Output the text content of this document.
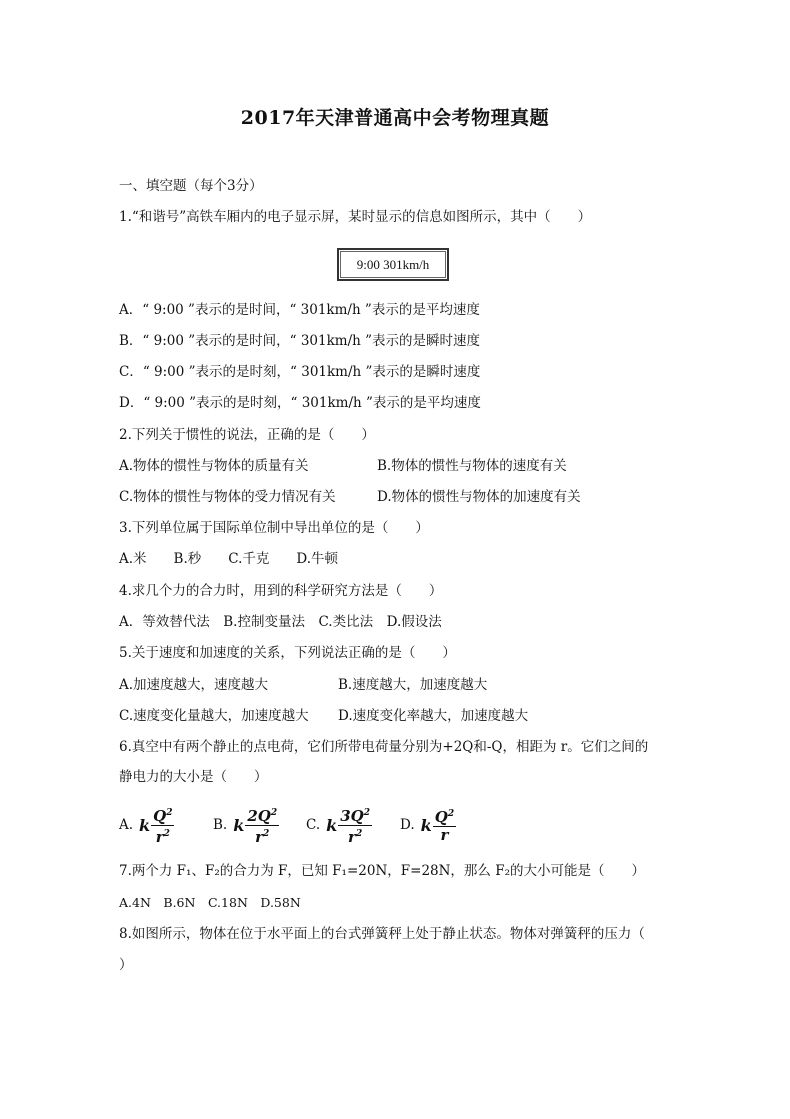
2017年天津普通高中会考物理真题
一、填空题（每个3分）
1.“和谐号”高铁车厢内的电子显示屏，某时显示的信息如图所示，其中（　　）
9:00 301km/h
A．“ 9:00 ”表示的是时间，“ 301km/h ”表示的是平均速度
B．“ 9:00 ”表示的是时间，“ 301km/h ”表示的是瞬时速度
C．“ 9:00 ”表示的是时刻，“ 301km/h ”表示的是瞬时速度
D．“ 9:00 ”表示的是时刻，“ 301km/h ”表示的是平均速度
2.下列关于惯性的说法，正确的是（　　）
A.物体的惯性与物体的质量有关	B.物体的惯性与物体的速度有关
C.物体的惯性与物体的受力情况有关	D.物体的惯性与物体的加速度有关
3.下列单位属于国际单位制中导出单位的是（　　）
A.米　　B.秒　　C.千克　　D.牛顿
4.求几个力的合力时，用到的科学研究方法是（　　）
A．等效替代法　B.控制变量法　C.类比法　D.假设法
5.关于速度和加速度的关系，下列说法正确的是（　　）
A.加速度越大，速度越大	B.速度越大，加速度越大
C.速度变化量越大，加速度越大 D.速度变化率越大，加速度越大
6.真空中有两个静止的点电荷，它们所带电荷量分别为+2Q和-Q，相距为 r。它们之间的
静电力的大小是（　　）
A. k $\frac{Q^2}{r^2}$	B. k $\frac{2Q^2}{r^2} C$. k $\frac{3Q^2}{r^2} D$. k $\frac{Q^2}{r}$
7.两个力 F₁、F₂的合力为 F，已知 F₁=20N，F=28N，那么 F₂的大小可能是（　　）
A.4N　B.6N　C.18N　D.58N
8.如图所示，物体在位于水平面上的台式弹簧秤上处于静止状态。物体对弹簧秤的压力（
）
